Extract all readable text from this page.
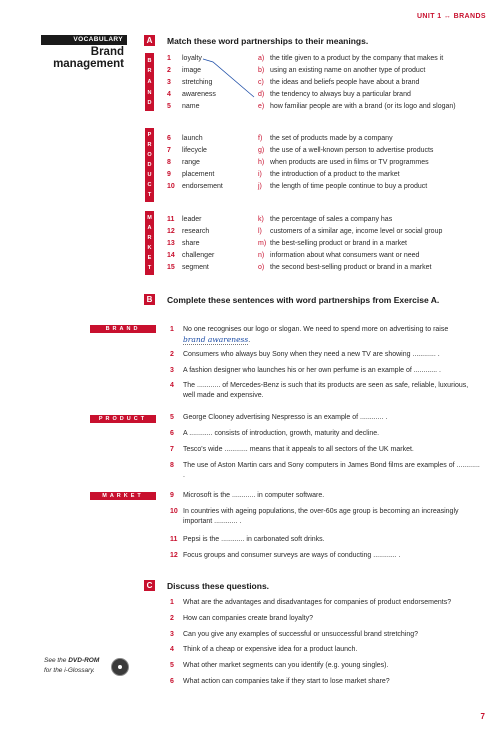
UNIT 1 ↔ BRANDS
VOCABULARY
Brand
management
A	Match these word partnerships to their meanings.
B
R
A
N
D
P
R
O
D
U
C
T
M
A
R
K
E
T
1 loyalty	a) the title given to a product by the company that makes it
2 image	b) using an existing name on another type of product
3 stretching	c) the ideas and beliefs people have about a brand
4 awareness	d) the tendency to always buy a particular brand
5 name	e) how familiar people are with a brand (or its logo and slogan)
6 launch	f) the set of products made by a company
7 lifecycle	g) the use of a well-known person to advertise products
8 range	h) when products are used in films or TV programmes
9 placement	i) the introduction of a product to the market
10 endorsement	j) the length of time people continue to buy a product
11 leader	k) the percentage of sales a company has
12 research	l) customers of a similar age, income level or social group
13 share	m) the best-selling product or brand in a market
14 challenger	n) information about what consumers want or need
15 segment	o) the second best-selling product or brand in a market
B	Complete these sentences with word partnerships from Exercise A.
BRAND
PRODUCT
MARKET
1	No one recognises our logo or slogan. We need to spend more on advertising to raise
brand awareness.
2	Consumers who always buy Sony when they need a new TV are showing ............ .
3	A fashion designer who launches his or her own perfume is an example of ............ .
4	The ............ of Mercedes-Benz is such that its products are seen as safe, reliable, luxurious, well made and expensive.
5	George Clooney advertising Nespresso is an example of ............ .
6	A ............ consists of introduction, growth, maturity and decline.
7	Tesco's wide ............ means that it appeals to all sectors of the UK market.
8	The use of Aston Martin cars and Sony computers in James Bond films are examples of ............ .
9	Microsoft is the ............ in computer software.
10 In countries with ageing populations, the over-60s age group is becoming an increasingly important ............ .
11 Pepsi is the ............ in carbonated soft drinks.
12 Focus groups and consumer surveys are ways of conducting ............ .
C	Discuss these questions.
1 What are the advantages and disadvantages for companies of product endorsements?
2 How can companies create brand loyalty?
3 Can you give any examples of successful or unsuccessful brand stretching?
4 Think of a cheap or expensive idea for a product launch.
5 What other market segments can you identify (e.g. young singles).
6 What action can companies take if they start to lose market share?
See the DVD-ROM
for the i-Glossary.
7
